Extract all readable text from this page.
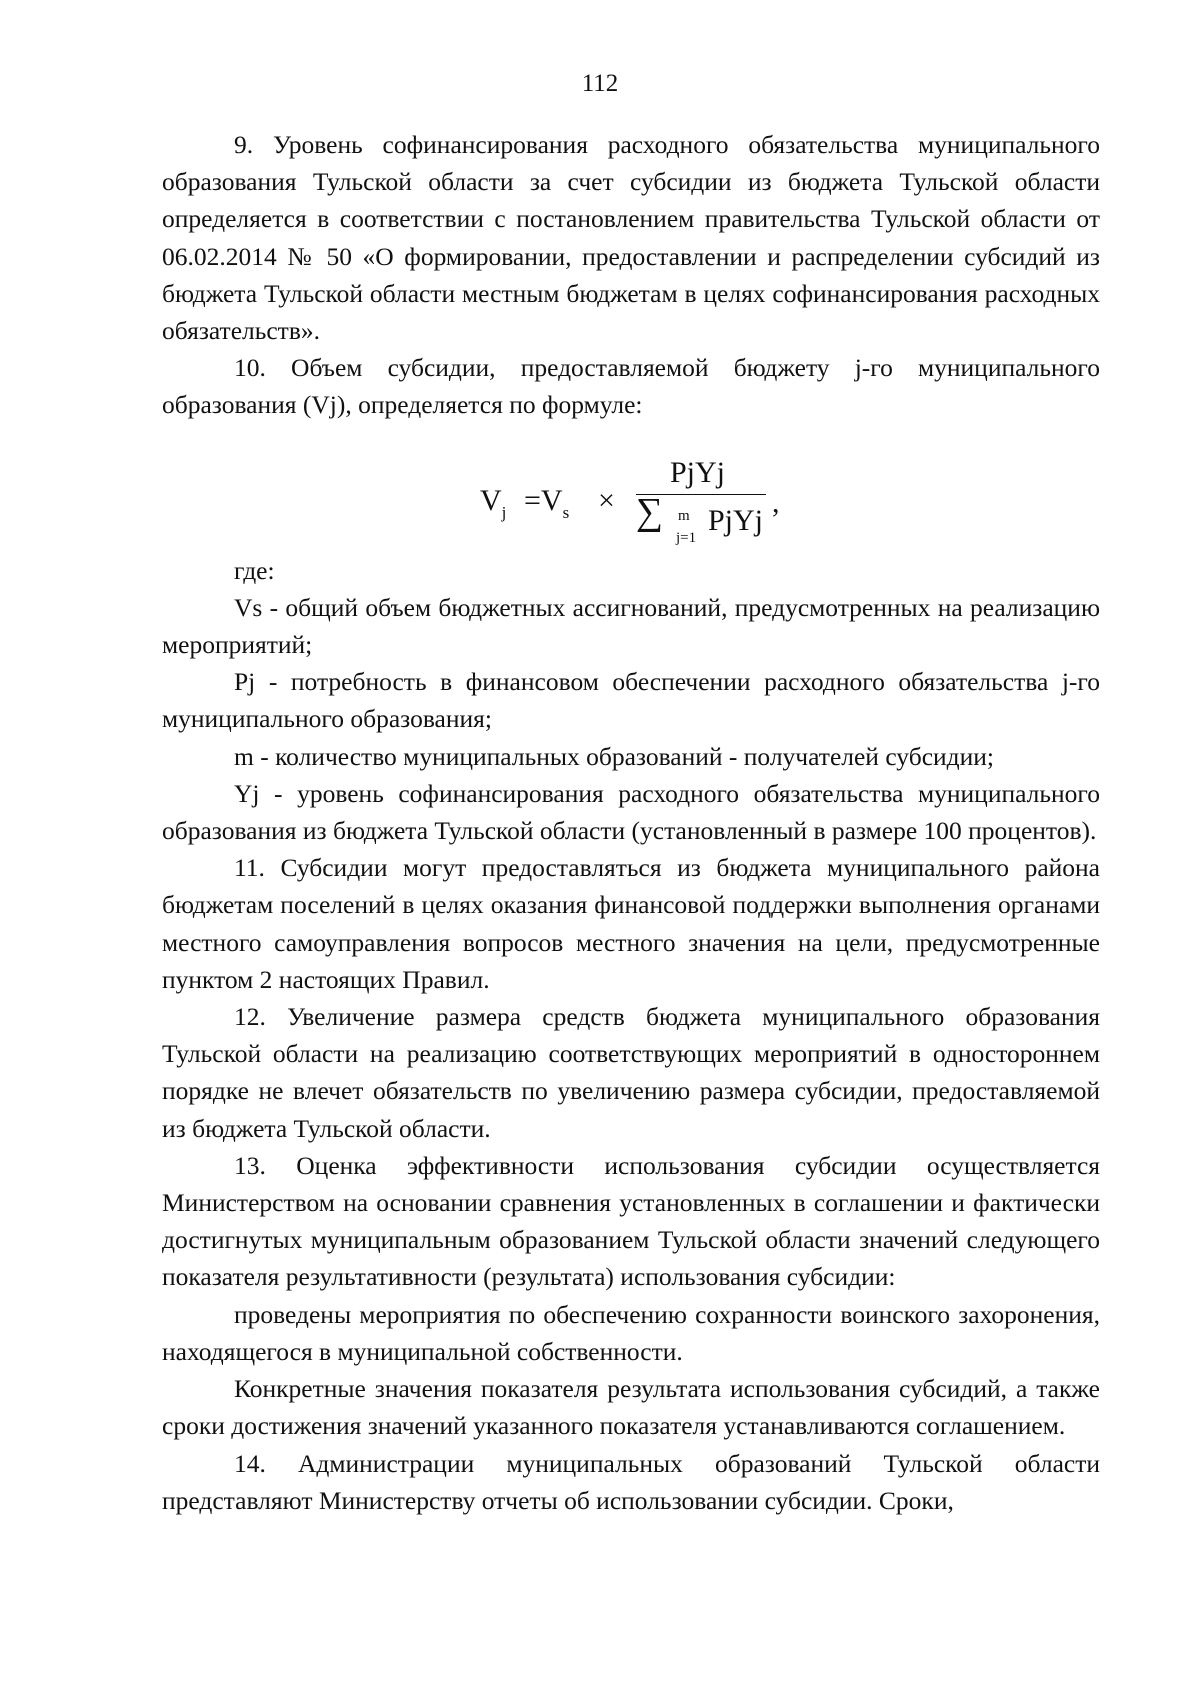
112

9. Уровень софинансирования расходного обязательства муниципального образования Тульской области за счет субсидии из бюджета Тульской области определяется в соответствии с постановлением правительства Тульской области от 06.02.2014 № 50 «О формировании, предоставлении и распределении субсидий из бюджета Тульской области местным бюджетам в целях софинансирования расходных обязательств».

10. Объем субсидии, предоставляемой бюджету j-го муниципального образования (Vj), определяется по формуле:

$V_j =V_s$ ×
PjYj
∑ m
j=1
PjYj
,

где:

Vs - общий объем бюджетных ассигнований, предусмотренных на реализацию мероприятий;

Pj - потребность в финансовом обеспечении расходного обязательства j-го муниципального образования;

m - количество муниципальных образований - получателей субсидии;

Yj - уровень софинансирования расходного обязательства муниципального образования из бюджета Тульской области (установленный в размере 100 процентов).

11. Субсидии могут предоставляться из бюджета муниципального района бюджетам поселений в целях оказания финансовой поддержки выполнения органами местного самоуправления вопросов местного значения на цели, предусмотренные пунктом 2 настоящих Правил.

12. Увеличение размера средств бюджета муниципального образования Тульской области на реализацию соответствующих мероприятий в одностороннем порядке не влечет обязательств по увеличению размера субсидии, предоставляемой из бюджета Тульской области.

13. Оценка эффективности использования субсидии осуществляется Министерством на основании сравнения установленных в соглашении и фактически достигнутых муниципальным образованием Тульской области значений следующего показателя результативности (результата) использования субсидии:

проведены мероприятия по обеспечению сохранности воинского захоронения, находящегося в муниципальной собственности.

Конкретные значения показателя результата использования субсидий, а также сроки достижения значений указанного показателя устанавливаются соглашением.

14. Администрации муниципальных образований Тульской области представляют Министерству отчеты об использовании субсидии. Сроки,
